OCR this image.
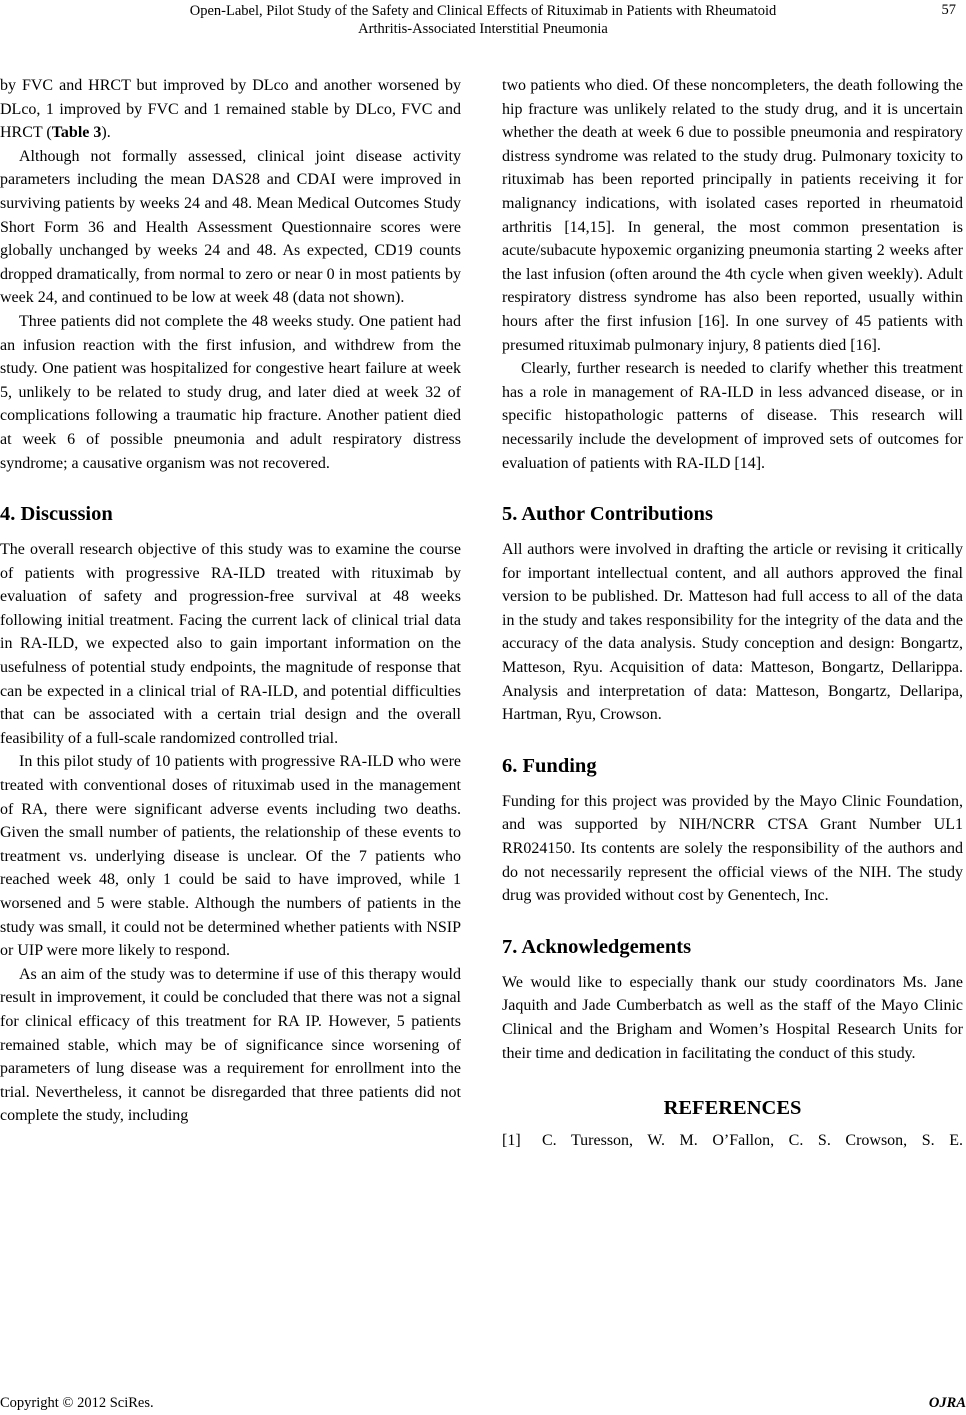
Open-Label, Pilot Study of the Safety and Clinical Effects of Rituximab in Patients with Rheumatoid
Arthritis-Associated Interstitial Pneumonia
57

by FVC and HRCT but improved by DLco and another worsened by DLco, 1 improved by FVC and 1 remained stable by DLco, FVC and HRCT (Table 3).

Although not formally assessed, clinical joint disease activity parameters including the mean DAS28 and CDAI were improved in surviving patients by weeks 24 and 48. Mean Medical Outcomes Study Short Form 36 and Health Assessment Questionnaire scores were globally unchanged by weeks 24 and 48. As expected, CD19 counts dropped dramatically, from normal to zero or near 0 in most patients by week 24, and continued to be low at week 48 (data not shown).

Three patients did not complete the 48 weeks study. One patient had an infusion reaction with the first infusion, and withdrew from the study. One patient was hospitalized for congestive heart failure at week 5, unlikely to be related to study drug, and later died at week 32 of complications following a traumatic hip fracture. Another patient died at week 6 of possible pneumonia and adult respiratory distress syndrome; a causative organism was not recovered.

4. Discussion

The overall research objective of this study was to examine the course of patients with progressive RA-ILD treated with rituximab by evaluation of safety and progression-free survival at 48 weeks following initial treatment. Facing the current lack of clinical trial data in RA-ILD, we expected also to gain important information on the usefulness of potential study endpoints, the magnitude of response that can be expected in a clinical trial of RA-ILD, and potential difficulties that can be associated with a certain trial design and the overall feasibility of a full-scale randomized controlled trial.

In this pilot study of 10 patients with progressive RA-ILD who were treated with conventional doses of rituximab used in the management of RA, there were significant adverse events including two deaths. Given the small number of patients, the relationship of these events to treatment vs. underlying disease is unclear. Of the 7 patients who reached week 48, only 1 could be said to have improved, while 1 worsened and 5 were stable. Although the numbers of patients in the study was small, it could not be determined whether patients with NSIP or UIP were more likely to respond.

As an aim of the study was to determine if use of this therapy would result in improvement, it could be concluded that there was not a signal for clinical efficacy of this treatment for RA IP. However, 5 patients remained stable, which may be of significance since worsening of parameters of lung disease was a requirement for enrollment into the trial. Nevertheless, it cannot be disregarded that three patients did not complete the study, including

two patients who died. Of these noncompleters, the death following the hip fracture was unlikely related to the study drug, and it is uncertain whether the death at week 6 due to possible pneumonia and respiratory distress syndrome was related to the study drug. Pulmonary toxicity to rituximab has been reported principally in patients receiving it for malignancy indications, with isolated cases reported in rheumatoid arthritis [14,15]. In general, the most common presentation is acute/subacute hypoxemic organizing pneumonia starting 2 weeks after the last infusion (often around the 4th cycle when given weekly). Adult respiratory distress syndrome has also been reported, usually within hours after the first infusion [16]. In one survey of 45 patients with presumed rituximab pulmonary injury, 8 patients died [16].

Clearly, further research is needed to clarify whether this treatment has a role in management of RA-ILD in less advanced disease, or in specific histopathologic patterns of disease. This research will necessarily include the development of improved sets of outcomes for evaluation of patients with RA-ILD [14].

5. Author Contributions

All authors were involved in drafting the article or revising it critically for important intellectual content, and all authors approved the final version to be published. Dr. Matteson had full access to all of the data in the study and takes responsibility for the integrity of the data and the accuracy of the data analysis. Study conception and design: Bongartz, Matteson, Ryu. Acquisition of data: Matteson, Bongartz, Dellarippa. Analysis and interpretation of data: Matteson, Bongartz, Dellaripa, Hartman, Ryu, Crowson.

6. Funding

Funding for this project was provided by the Mayo Clinic Foundation, and was supported by NIH/NCRR CTSA Grant Number UL1 RR024150. Its contents are solely the responsibility of the authors and do not necessarily represent the official views of the NIH. The study drug was provided without cost by Genentech, Inc.

7. Acknowledgements

We would like to especially thank our study coordinators Ms. Jane Jaquith and Jade Cumberbatch as well as the staff of the Mayo Clinic Clinical and the Brigham and Women’s Hospital Research Units for their time and dedication in facilitating the conduct of this study.

REFERENCES
[1]	C. Turesson, W. M. O’Fallon, C. S. Crowson, S. E.
Copyright © 2012 SciRes.	OJRA
